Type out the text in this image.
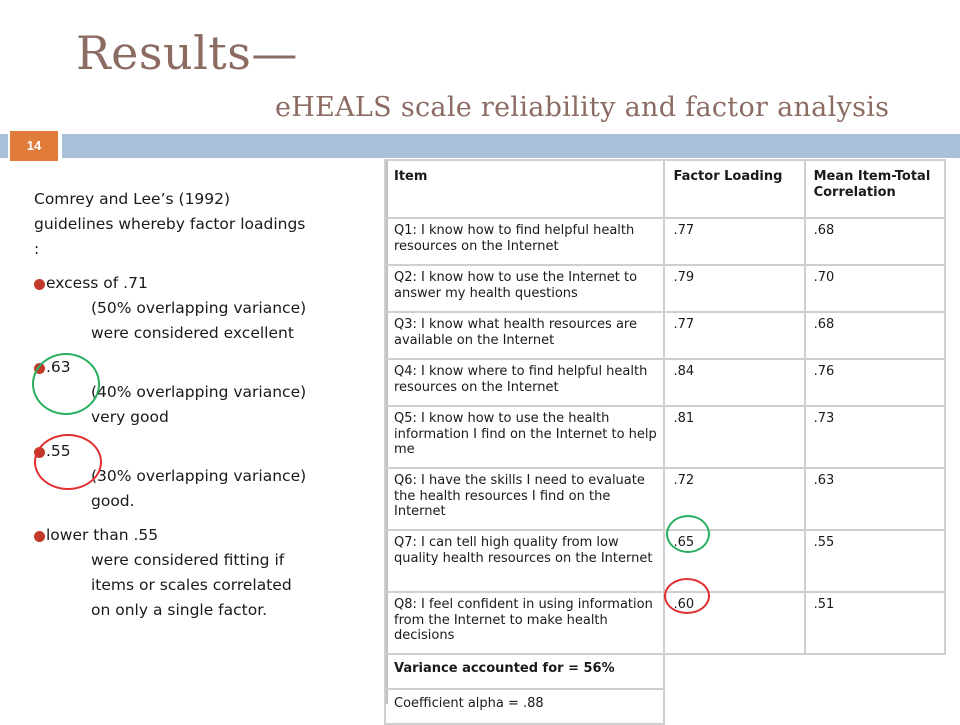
Results—
eHEALS scale reliability and factor analysis
14
Comrey and Lee’s (1992) guidelines whereby factor loadings :
excess of .71
(50% overlapping variance)
were considered excellent
.63
(40% overlapping variance)
very good
.55
(30% overlapping variance)
good.
lower than .55
were considered fitting if
items or scales correlated
on only a single factor.
Item	Factor Loading	Mean Item-Total Correlation
Q1: I know how to find helpful health resources on the Internet	.77	.68
Q2: I know how to use the Internet to answer my health questions	.79	.70
Q3: I know what health resources are available on the Internet	.77	.68
Q4: I know where to find helpful health resources on the Internet	.84	.76
Q5: I know how to use the health information I find on the Internet to help me	.81	.73
Q6: I have the skills I need to evaluate the health resources I find on the Internet	.72	.63
Q7: I can tell high quality from low quality health resources on the Internet	.65	.55
Q8: I feel confident in using information from the Internet to make health decisions	.60	.51
Variance accounted for = 56%		
Coefficient alpha = .88		
